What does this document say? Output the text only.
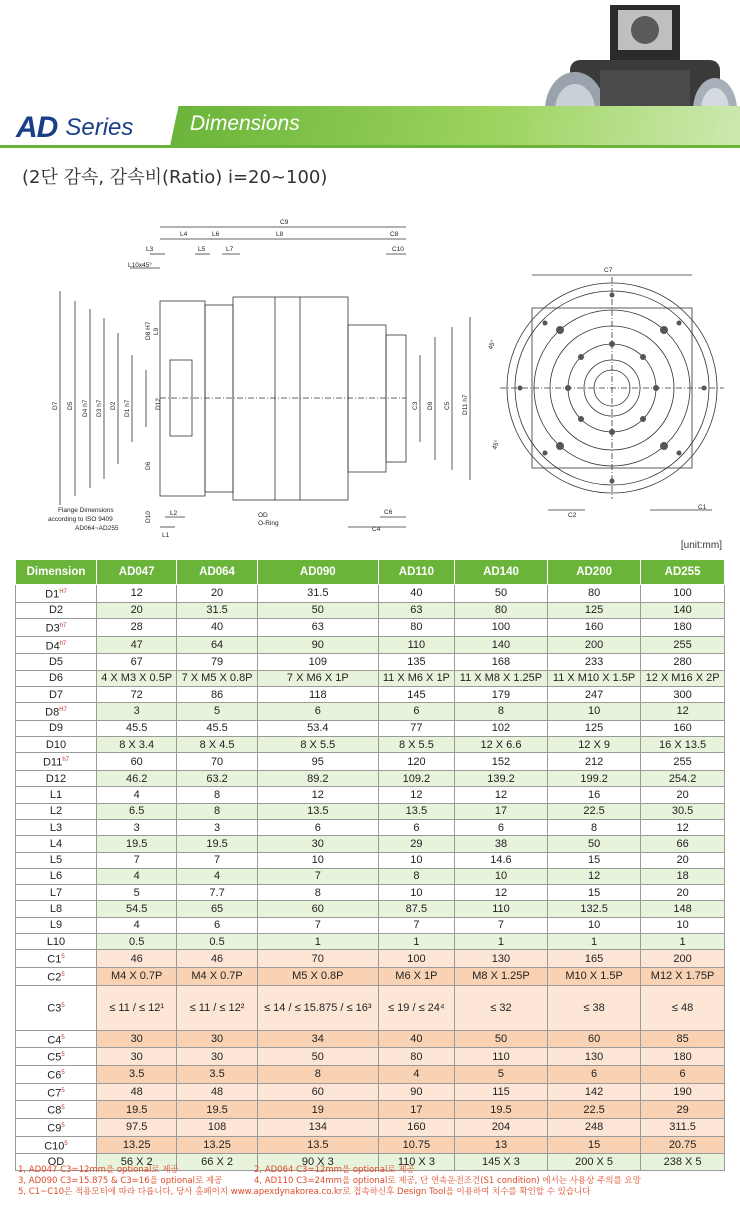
AD Series	Dimensions
(2단 감속, 감속비(Ratio) i=20~100)
C9
L4	L6	L8	C8
L3	L5	L7	C10
L10x45°
C7
D7 D5 D4 h7 D3 h7 D2 D1 h7
D8 H7 L9
D6
D10
D12	C3 D9 C5 D11 h7
L2
L1
C6
C4
C2
C1
OD
O-Ring
45°
45°
Flange Dimensions
according to ISO 9409
AD064~AD255
[unit:mm]
Dimension	AD047	AD064	AD090	AD110	AD140	AD200	AD255
$D1^{H7}$	12	20	31.5	40	50	80	100
D2	20	31.5	50	63	80	125	140
$D3^{h7}$	28	40	63	80	100	160	180
$D4^{h7}$	47	64	90	110	140	200	255
D5	67	79	109	135	168	233	280
D6	4 X M3 X 0.5P	7 X M5 X 0.8P	7 X M6 X 1P	11 X M6 X 1P	11 X M8 X 1.25P	11 X M10 X 1.5P	12 X M16 X 2P
D7	72	86	118	145	179	247	300
$D8^{H7}$	3	5	6	6	8	10	12
D9	45.5	45.5	53.4	77	102	125	160
D10	8 X 3.4	8 X 4.5	8 X 5.5	8 X 5.5	12 X 6.6	12 X 9	16 X 13.5
$D11^{h7}$	60	70	95	120	152	212	255
D12	46.2	63.2	89.2	109.2	139.2	199.2	254.2
L1	4	8	12	12	12	16	20
L2	6.5	8	13.5	13.5	17	22.5	30.5
L3	3	3	6	6	6	8	12
L4	19.5	19.5	30	29	38	50	66
L5	7	7	10	10	14.6	15	20
L6	4	4	7	8	10	12	18
L7	5	7.7	8	10	12	15	20
L8	54.5	65	60	87.5	110	132.5	148
L9	4	6	7	7	7	10	10
L10	0.5	0.5	1	1	1	1	1
$C1^5$	46	46	70	100	130	165	200
$C2^5$	M4 X 0.7P	M4 X 0.7P	M5 X 0.8P	M6 X 1P	M8 X 1.25P	M10 X 1.5P	M12 X 1.75P
$C3^5$	≤ 11 / ≤ 12¹	≤ 11 / ≤ 12²	≤ 14 / ≤ 15.875 / ≤ 16³	≤ 19 / ≤ 24⁴	≤ 32	≤ 38	≤ 48
$C4^5$	30	30	34	40	50	60	85
$C5^5$	30	30	50	80	110	130	180
$C6^5$	3.5	3.5	8	4	5	6	6
$C7^5$	48	48	60	90	115	142	190
$C8^5$	19.5	19.5	19	17	19.5	22.5	29
$C9^5$	97.5	108	134	160	204	248	311.5
$C10^5$	13.25	13.25	13.5	10.75	13	15	20.75
OD	56 X 2	66 X 2	90 X 3	110 X 3	145 X 3	200 X 5	238 X 5
1, AD047 C3=12mm을 optional로 제공	2, AD064 C3=12mm을 optional로 제공
3, AD090 C3=15.875 & C3=16을 optional로 제공	4, AD110 C3=24mm을 optional로 제공, 단 연속운전조건(S1 condition) 에서는 사용상 주의를 요망
5, C1~C10은 적용모터에 따라 다릅니다, 당사 홈페이지 www.apexdynakorea.co.kr로 접속하신후 Design Tool을 이용하여 치수를 확인할 수 있습니다
